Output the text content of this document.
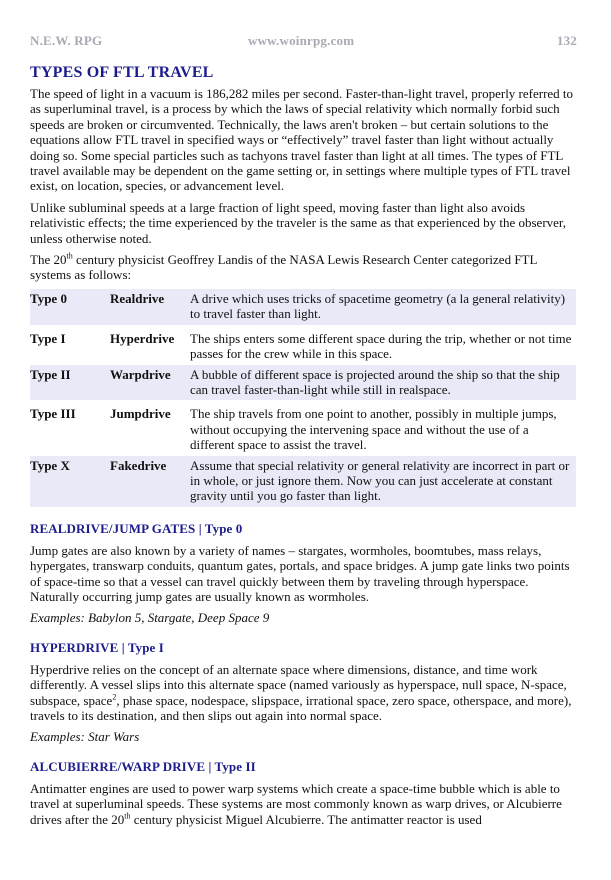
N.E.W. RPG	www.woinrpg.com	132
TYPES OF FTL TRAVEL

The speed of light in a vacuum is 186,282 miles per second. Faster-than-light travel, properly referred to as superluminal travel, is a process by which the laws of special relativity which normally forbid such speeds are broken or circumvented. Technically, the laws aren't broken – but certain solutions to the equations allow FTL travel in specified ways or “effectively” travel faster than light without actually doing so. Some special particles such as tachyons travel faster than light at all times. The types of FTL travel available may be dependent on the game setting or, in settings where multiple types of FTL travel exist, on location, species, or advancement level.

Unlike subluminal speeds at a large fraction of light speed, moving faster than light also avoids relativistic effects; the time experienced by the traveler is the same as that experienced by the observer, unless otherwise noted.

The 20th century physicist Geoffrey Landis of the NASA Lewis Research Center categorized FTL systems as follows:

Type 0	Realdrive	A drive which uses tricks of spacetime geometry (a la general relativity) to travel faster than light.
Type I	Hyperdrive	The ships enters some different space during the trip, whether or not time passes for the crew while in this space.
Type II	Warpdrive	A bubble of different space is projected around the ship so that the ship can travel faster-than-light while still in realspace.
Type III	Jumpdrive	The ship travels from one point to another, possibly in multiple jumps, without occupying the intervening space and without the use of a different space to assist the travel.
Type X	Fakedrive	Assume that special relativity or general relativity are incorrect in part or in whole, or just ignore them. Now you can just accelerate at constant gravity until you go faster than light.
REALDRIVE/JUMP GATES | Type 0

Jump gates are also known by a variety of names – stargates, wormholes, boomtubes, mass relays, hypergates, transwarp conduits, quantum gates, portals, and space bridges. A jump gate links two points of space-time so that a vessel can travel quickly between them by traveling through hyperspace. Naturally occurring jump gates are usually known as wormholes.

Examples: Babylon 5, Stargate, Deep Space 9

HYPERDRIVE | Type I

Hyperdrive relies on the concept of an alternate space where dimensions, distance, and time work differently. A vessel slips into this alternate space (named variously as hyperspace, null space, N-space, subspace, space$^2$, phase space, nodespace, slipspace, irrational space, zero space, otherspace, and more), travels to its destination, and then slips out again into normal space.

Examples: Star Wars

ALCUBIERRE/WARP DRIVE | Type II

Antimatter engines are used to power warp systems which create a space-time bubble which is able to travel at superluminal speeds. These systems are most commonly known as warp drives, or Alcubierre drives after the 20th century physicist Miguel Alcubierre. The antimatter reactor is used
